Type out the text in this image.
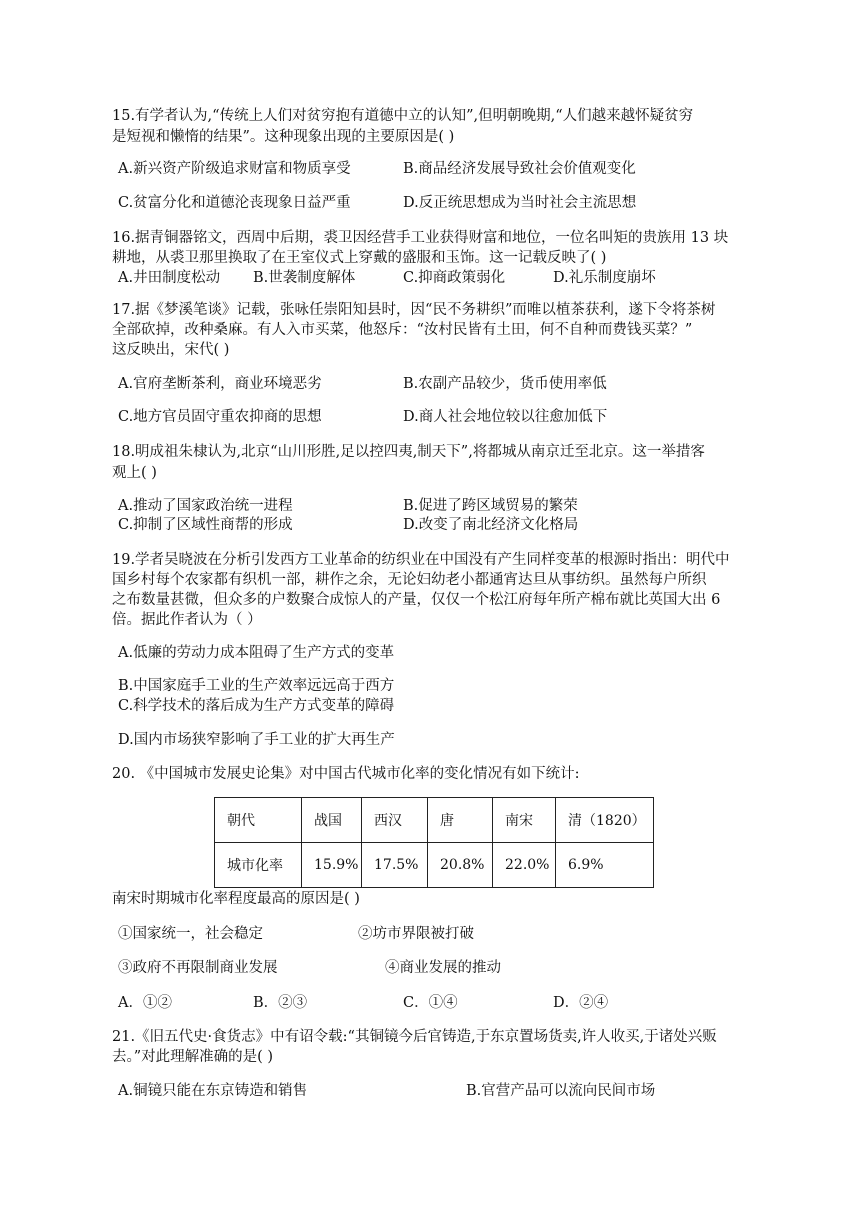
15.有学者认为,“传统上人们对贫穷抱有道德中立的认知”,但明朝晚期,“人们越来越怀疑贫穷
是短视和懒惰的结果”。这种现象出现的主要原因是( )
A.新兴资产阶级追求财富和物质享受	B.商品经济发展导致社会价值观变化
C.贫富分化和道德沦丧现象日益严重	D.反正统思想成为当时社会主流思想
16.据青铜器铭文，西周中后期，裘卫因经营手工业获得财富和地位，一位名叫矩的贵族用 13 块
耕地，从裘卫那里换取了在王室仪式上穿戴的盛服和玉饰。这一记载反映了( )
A.井田制度松动 B.世袭制度解体	C.抑商政策弱化	D.礼乐制度崩坏
17.据《梦溪笔谈》记载，张咏任崇阳知县时，因“民不务耕织”而唯以植茶获利，遂下令将茶树
全部砍掉，改种桑麻。有人入市买菜，他怒斥：“汝村民皆有土田，何不自种而费钱买菜？”
这反映出，宋代( )
A.官府垄断茶利，商业环境恶劣	B.农副产品较少，货币使用率低
C.地方官员固守重农抑商的思想	D.商人社会地位较以往愈加低下
18.明成祖朱棣认为,北京“山川形胜,足以控四夷,制天下”,将都城从南京迁至北京。这一举措客
观上( )
A.推动了国家政治统一进程	B.促进了跨区域贸易的繁荣
C.抑制了区域性商帮的形成	D.改变了南北经济文化格局
19.学者吴晓波在分析引发西方工业革命的纺织业在中国没有产生同样变革的根源时指出：明代中
国乡村每个农家都有织机一部，耕作之余，无论妇幼老小都通宵达旦从事纺织。虽然每户所织
之布数量甚微，但众多的户数聚合成惊人的产量，仅仅一个松江府每年所产棉布就比英国大出 6
倍。据此作者认为（ ）
A.低廉的劳动力成本阻碍了生产方式的变革
B.中国家庭手工业的生产效率远远高于西方
C.科学技术的落后成为生产方式变革的障碍
D.国内市场狭窄影响了手工业的扩大再生产
20. 《中国城市发展史论集》对中国古代城市化率的变化情况有如下统计:
朝代	战国	西汉	唐	南宋	清（1820）
城市化率	15.9%	17.5%	20.8%	22.0%	6.9%
南宋时期城市化率程度最高的原因是( )
①国家统一，社会稳定	②坊市界限被打破
③政府不再限制商业发展	④商业发展的推动
A．①②	B．②③	C．①④	D．②④
21.《旧五代史·食货志》中有诏令载:“其铜镜今后官铸造,于东京置场货卖,许人收买,于诸处兴贩
去。”对此理解准确的是( )
A.铜镜只能在东京铸造和销售	B.官营产品可以流向民间市场
